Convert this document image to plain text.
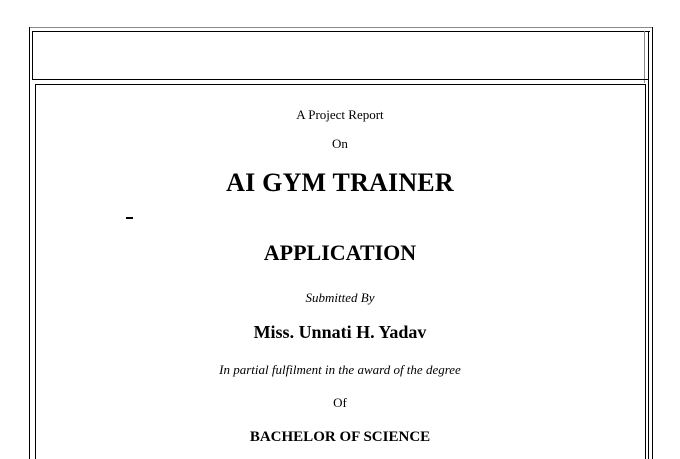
A Project Report
On
AI GYM TRAINER
APPLICATION
Submitted By
Miss. Unnati H. Yadav
In partial fulfilment in the award of the degree
Of
BACHELOR OF SCIENCE
